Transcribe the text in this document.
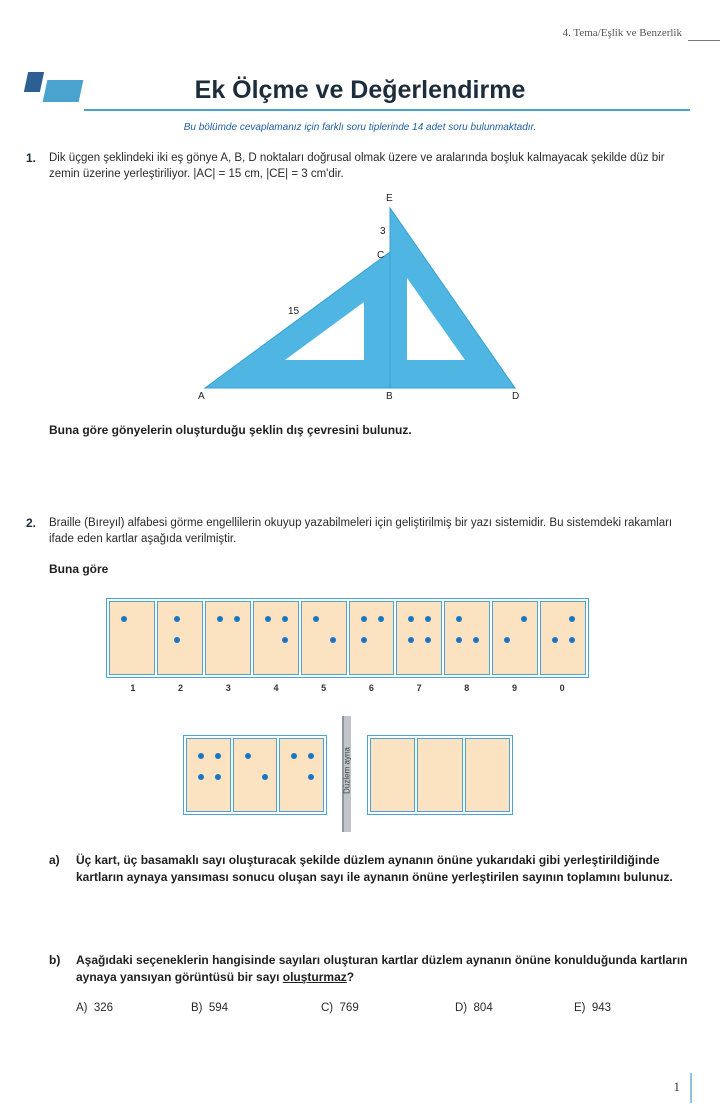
4. Tema/Eşlik ve Benzerlik
Ek Ölçme ve Değerlendirme
Bu bölümde cevaplamanız için farklı soru tiplerinde 14 adet soru bulunmaktadır.
1. Dik üçgen şeklindeki iki eş gönye A, B, D noktaları doğrusal olmak üzere ve aralarında boşluk kalmayacak şekilde düz bir zemin üzerine yerleştiriliyor. |AC| = 15 cm, |CE| = 3 cm'dir.
E
C
A	B	D
15
3
Buna göre gönyelerin oluşturduğu şeklin dış çevresini bulunuz.
2. Braille (Bıreyıl) alfabesi görme engellilerin okuyup yazabilmeleri için geliştirilmiş bir yazı sistemidir. Bu sistemdeki rakamları ifade eden kartlar aşağıda verilmiştir.
Buna göre
1	2	3	4	5	6	7	8	9	0
Düzlem ayna
a) Üç kart, üç basamaklı sayı oluşturacak şekilde düzlem aynanın önüne yukarıdaki gibi yerleştirildiğinde kartların aynaya yansıması sonucu oluşan sayı ile aynanın önüne yerleştirilen sayının toplamını bulunuz.
b) Aşağıdaki seçeneklerin hangisinde sayıları oluşturan kartlar düzlem aynanın önüne konulduğunda kartların aynaya yansıyan görüntüsü bir sayı oluşturmaz?
A) 326	B) 594	C) 769	D) 804	E) 943
1
